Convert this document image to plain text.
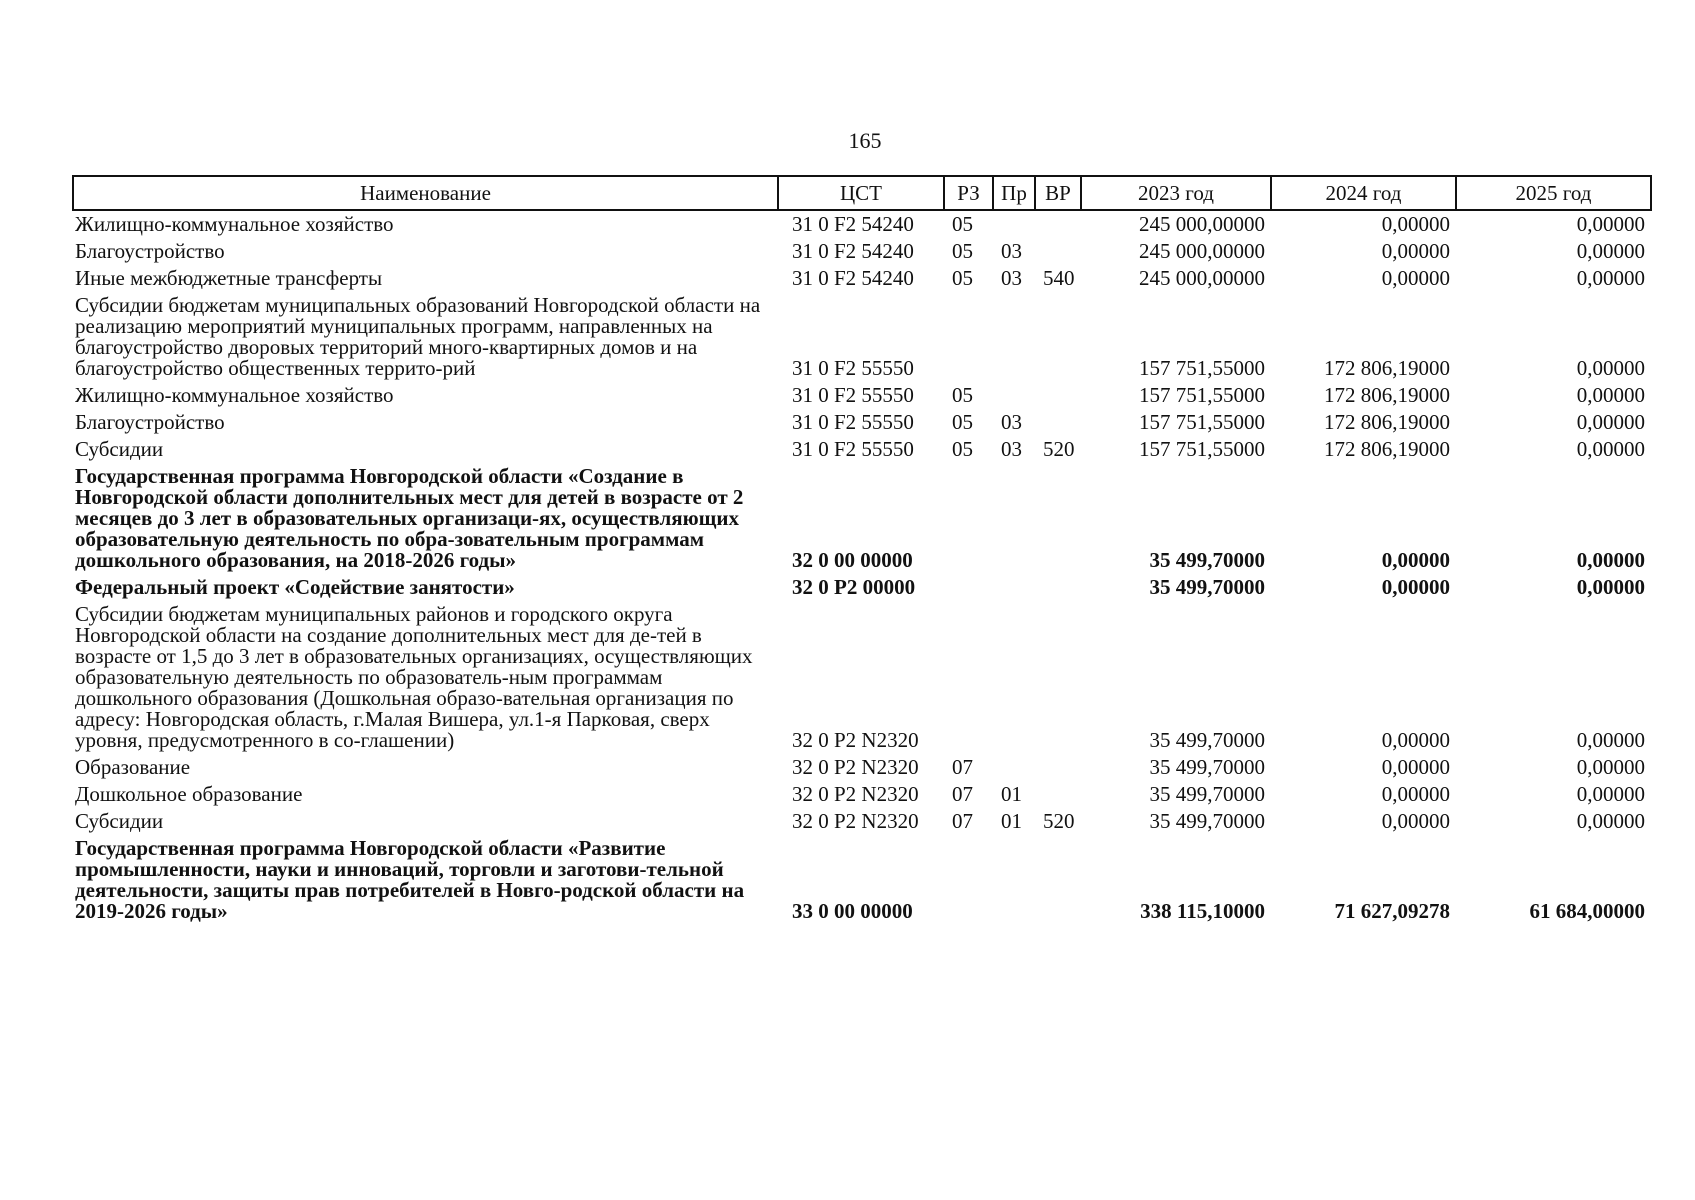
165
Наименование	ЦСТ	РЗ	Пр	ВР	2023 год	2024 год	2025 год
Жилищно-коммунальное хозяйство	31 0 F2 54240	05			245 000,00000	0,00000	0,00000
Благоустройство	31 0 F2 54240	05	03		245 000,00000	0,00000	0,00000
Иные межбюджетные трансферты	31 0 F2 54240	05	03	540	245 000,00000	0,00000	0,00000
Субсидии бюджетам муниципальных образований Новгородской области на реализацию мероприятий муниципальных программ, направленных на благоустройство дворовых территорий много-квартирных домов и на благоустройство общественных террито-рий	31 0 F2 55550				157 751,55000	172 806,19000	0,00000
Жилищно-коммунальное хозяйство	31 0 F2 55550	05			157 751,55000	172 806,19000	0,00000
Благоустройство	31 0 F2 55550	05	03		157 751,55000	172 806,19000	0,00000
Субсидии	31 0 F2 55550	05	03	520	157 751,55000	172 806,19000	0,00000
Государственная программа Новгородской области «Создание в Новгородской области дополнительных мест для детей в возрасте от 2 месяцев до 3 лет в образовательных организаци-ях, осуществляющих образовательную деятельность по обра-зовательным программам дошкольного образования, на 2018-2026 годы»	32 0 00 00000				35 499,70000	0,00000	0,00000
Федеральный проект «Содействие занятости»	32 0 P2 00000				35 499,70000	0,00000	0,00000
Субсидии бюджетам муниципальных районов и городского округа Новгородской области на создание дополнительных мест для де-тей в возрасте от 1,5 до 3 лет в образовательных организациях, осуществляющих образовательную деятельность по образователь-ным программам дошкольного образования (Дошкольная образо-вательная организация по адресу: Новгородская область, г.Малая Вишера, ул.1-я Парковая, сверх уровня, предусмотренного в со-глашении)	32 0 P2 N2320				35 499,70000	0,00000	0,00000
Образование	32 0 P2 N2320	07			35 499,70000	0,00000	0,00000
Дошкольное образование	32 0 P2 N2320	07	01		35 499,70000	0,00000	0,00000
Субсидии	32 0 P2 N2320	07	01	520	35 499,70000	0,00000	0,00000
Государственная программа Новгородской области «Развитие промышленности, науки и инноваций, торговли и заготови-тельной деятельности, защиты прав потребителей в Новго-родской области на 2019-2026 годы»	33 0 00 00000				338 115,10000	71 627,09278	61 684,00000
